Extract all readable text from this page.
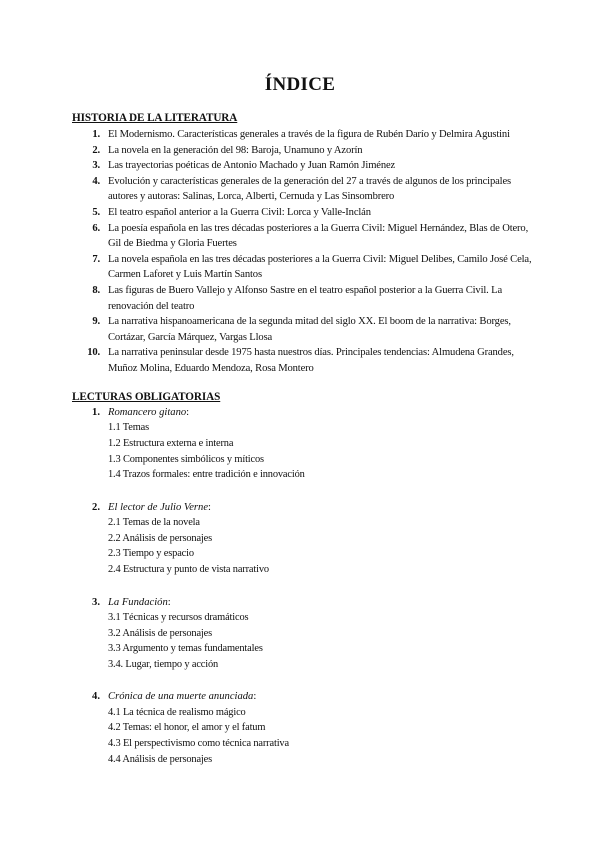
ÍNDICE
HISTORIA DE LA LITERATURA
1. El Modernismo. Características generales a través de la figura de Rubén Darío y Delmira Agustini
2. La novela en la generación del 98: Baroja, Unamuno y Azorín
3. Las trayectorias poéticas de Antonio Machado y Juan Ramón Jiménez
4. Evolución y características generales de la generación del 27 a través de algunos de los principales autores y autoras: Salinas, Lorca, Alberti, Cernuda y Las Sinsombrero
5. El teatro español anterior a la Guerra Civil: Lorca y Valle-Inclán
6. La poesía española en las tres décadas posteriores a la Guerra Civil: Miguel Hernández, Blas de Otero, Gil de Biedma y Gloria Fuertes
7. La novela española en las tres décadas posteriores a la Guerra Civil: Miguel Delibes, Camilo José Cela, Carmen Laforet y Luis Martín Santos
8. Las figuras de Buero Vallejo y Alfonso Sastre en el teatro español posterior a la Guerra Civil. La renovación del teatro
9. La narrativa hispanoamericana de la segunda mitad del siglo XX. El boom de la narrativa: Borges, Cortázar, García Márquez, Vargas Llosa
10. La narrativa peninsular desde 1975 hasta nuestros días. Principales tendencias: Almudena Grandes, Muñoz Molina, Eduardo Mendoza, Rosa Montero
LECTURAS OBLIGATORIAS
1. Romancero gitano:
1.1 Temas
1.2 Estructura externa e interna
1.3 Componentes simbólicos y míticos
1.4 Trazos formales: entre tradición e innovación
2. El lector de Julio Verne:
2.1 Temas de la novela
2.2 Análisis de personajes
2.3 Tiempo y espacio
2.4 Estructura y punto de vista narrativo
3. La Fundación:
3.1 Técnicas y recursos dramáticos
3.2 Análisis de personajes
3.3 Argumento y temas fundamentales
3.4. Lugar, tiempo y acción
4. Crónica de una muerte anunciada:
4.1 La técnica de realismo mágico
4.2 Temas: el honor, el amor y el fatum
4.3 El perspectivismo como técnica narrativa
4.4 Análisis de personajes
